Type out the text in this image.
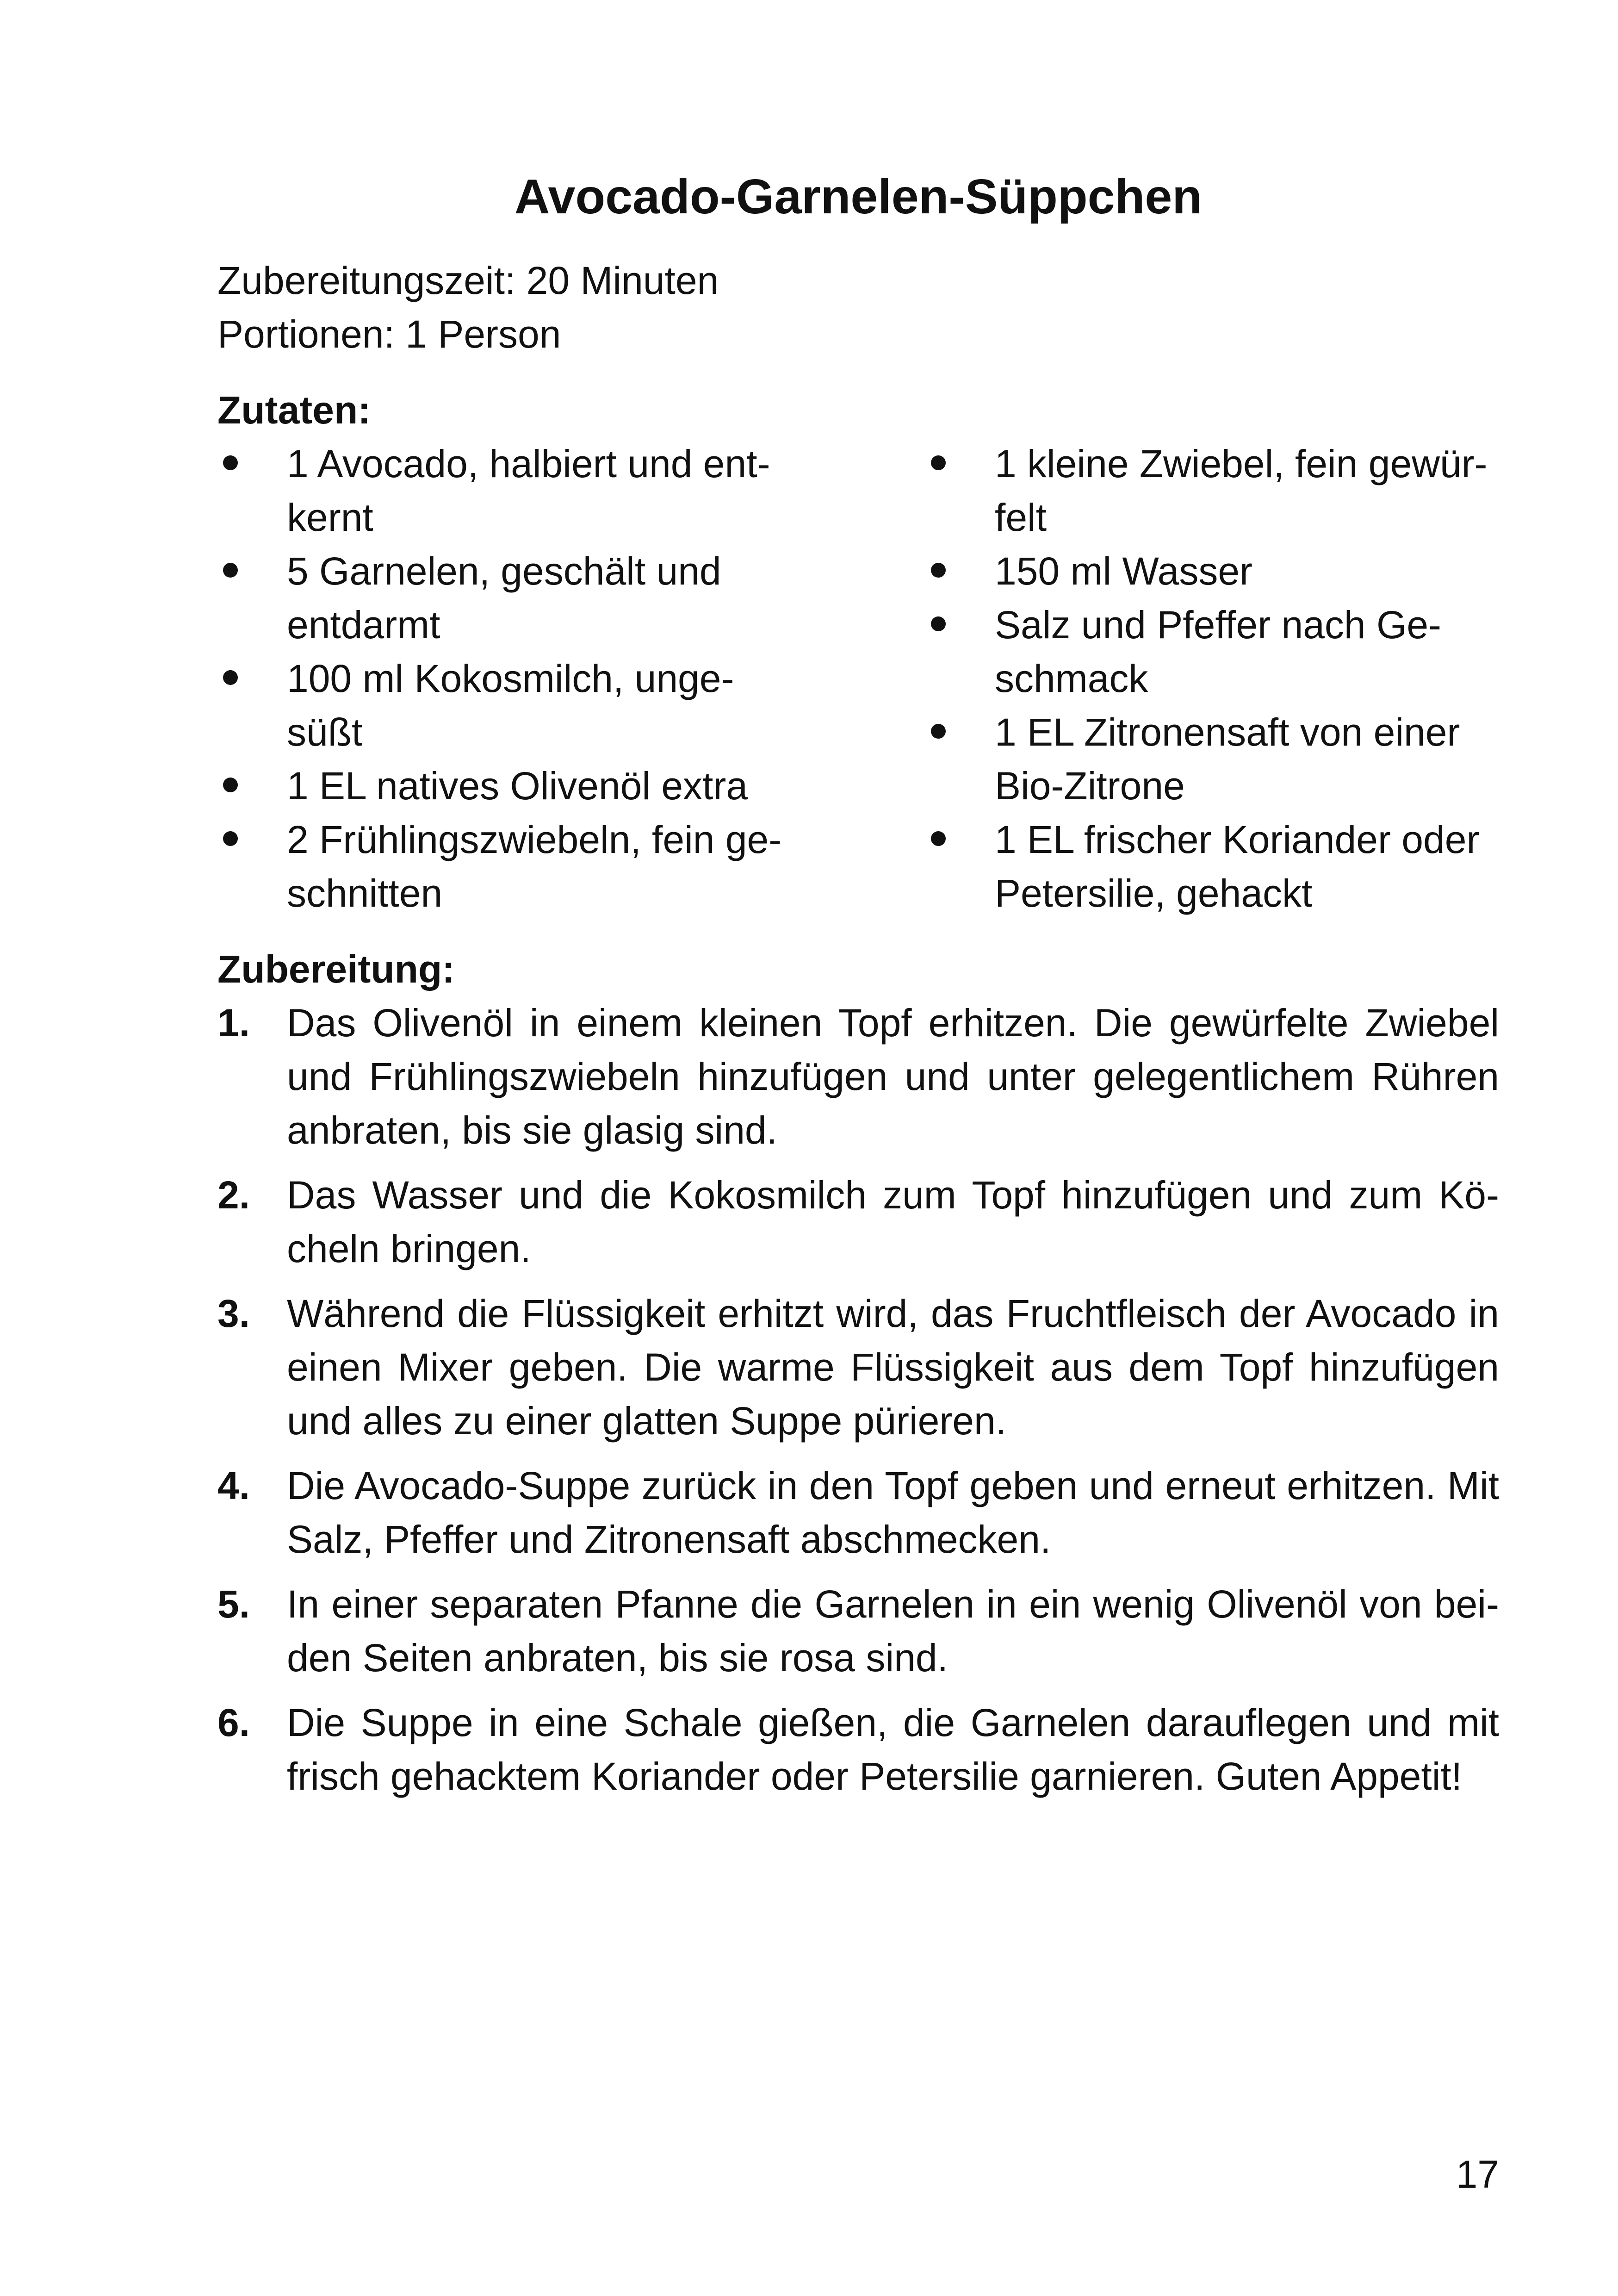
Avocado-Garnelen-Süppchen
Zubereitungszeit: 20 Minuten
Portionen: 1 Person
Zutaten:
1 Avocado, halbiert und ent-
kernt
5 Garnelen, geschält und
entdarmt
100 ml Kokosmilch, unge-
süßt
1 EL natives Olivenöl extra
2 Frühlingszwiebeln, fein ge-
schnitten
1 kleine Zwiebel, fein gewür-
felt
150 ml Wasser
Salz und Pfeffer nach Ge-
schmack
1 EL Zitronensaft von einer
Bio-Zitrone
1 EL frischer Koriander oder
Petersilie, gehackt
Zubereitung:
1. Das Olivenöl in einem kleinen Topf erhitzen. Die gewürfelte Zwiebel
und Frühlingszwiebeln hinzufügen und unter gelegentlichem Rühren
anbraten, bis sie glasig sind.
2. Das Wasser und die Kokosmilch zum Topf hinzufügen und zum Kö-
cheln bringen.
3. Während die Flüssigkeit erhitzt wird, das Fruchtfleisch der Avocado in
einen Mixer geben. Die warme Flüssigkeit aus dem Topf hinzufügen
und alles zu einer glatten Suppe pürieren.
4. Die Avocado-Suppe zurück in den Topf geben und erneut erhitzen. Mit
Salz, Pfeffer und Zitronensaft abschmecken.
5. In einer separaten Pfanne die Garnelen in ein wenig Olivenöl von bei-
den Seiten anbraten, bis sie rosa sind.
6. Die Suppe in eine Schale gießen, die Garnelen darauflegen und mit
frisch gehacktem Koriander oder Petersilie garnieren. Guten Appetit!
17
